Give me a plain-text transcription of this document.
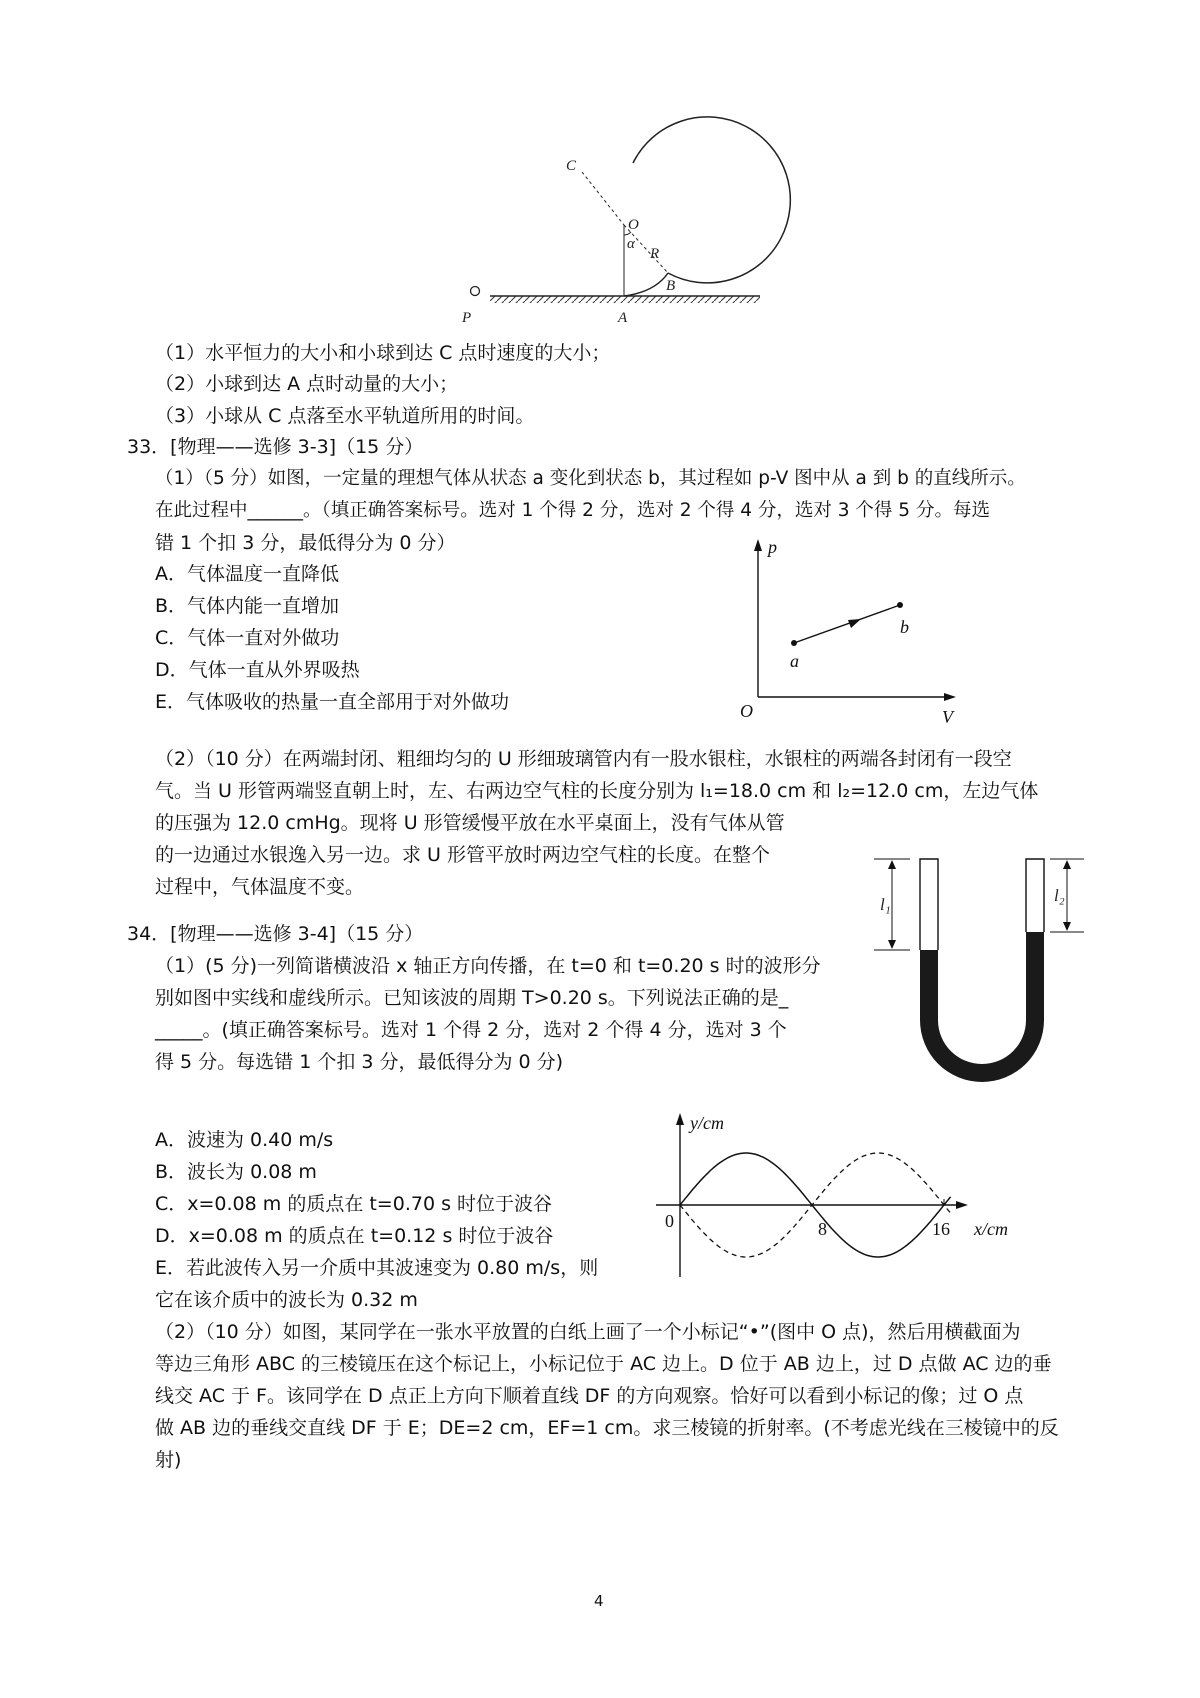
C
O
α
R
B
P	A
（1）水平恒力的大小和小球到达 C 点时速度的大小；
（2）小球到达 A 点时动量的大小；
（3）小球从 C 点落至水平轨道所用的时间。
33．[物理——选修 3-3]（15 分）
（1）（5 分）如图，一定量的理想气体从状态 a 变化到状态 b，其过程如 p-V 图中从 a 到 b 的直线所示。
在此过程中______。（填正确答案标号。选对 1 个得 2 分，选对 2 个得 4 分，选对 3 个得 5 分。每选
错 1 个扣 3 分，最低得分为 0 分）
A．气体温度一直降低
B．气体内能一直增加
C．气体一直对外做功
D．气体一直从外界吸热
E．气体吸收的热量一直全部用于对外做功
p
V
O
a
b
（2）（10 分）在两端封闭、粗细均匀的 U 形细玻璃管内有一股水银柱，水银柱的两端各封闭有一段空
气。当 U 形管两端竖直朝上时，左、右两边空气柱的长度分别为 l₁=18.0 cm 和 l₂=12.0 cm，左边气体
的压强为 12.0 cmHg。现将 U 形管缓慢平放在水平桌面上，没有气体从管
的一边通过水银逸入另一边。求 U 形管平放时两边空气柱的长度。在整个
过程中，气体温度不变。
l₁	l₂
34．[物理——选修 3-4]（15 分）
（1）(5 分)一列简谐横波沿 x 轴正方向传播，在 t=0 和 t=0.20 s 时的波形分
别如图中实线和虚线所示。已知该波的周期 T>0.20 s。下列说法正确的是_
_____。(填正确答案标号。选对 1 个得 2 分，选对 2 个得 4 分，选对 3 个
得 5 分。每选错 1 个扣 3 分，最低得分为 0 分)
A．波速为 0.40 m/s
B．波长为 0.08 m
C．x=0.08 m 的质点在 t=0.70 s 时位于波谷
D．x=0.08 m 的质点在 t=0.12 s 时位于波谷
E．若此波传入另一介质中其波速变为 0.80 m/s，则
它在该介质中的波长为 0.32 m
y/cm
x/cm
0	8	16
（2）（10 分）如图，某同学在一张水平放置的白纸上画了一个小标记“•”(图中 O 点)，然后用横截面为
等边三角形 ABC 的三棱镜压在这个标记上，小标记位于 AC 边上。D 位于 AB 边上，过 D 点做 AC 边的垂
线交 AC 于 F。该同学在 D 点正上方向下顺着直线 DF 的方向观察。恰好可以看到小标记的像；过 O 点
做 AB 边的垂线交直线 DF 于 E；DE=2 cm，EF=1 cm。求三棱镜的折射率。(不考虑光线在三棱镜中的反
射)
4
